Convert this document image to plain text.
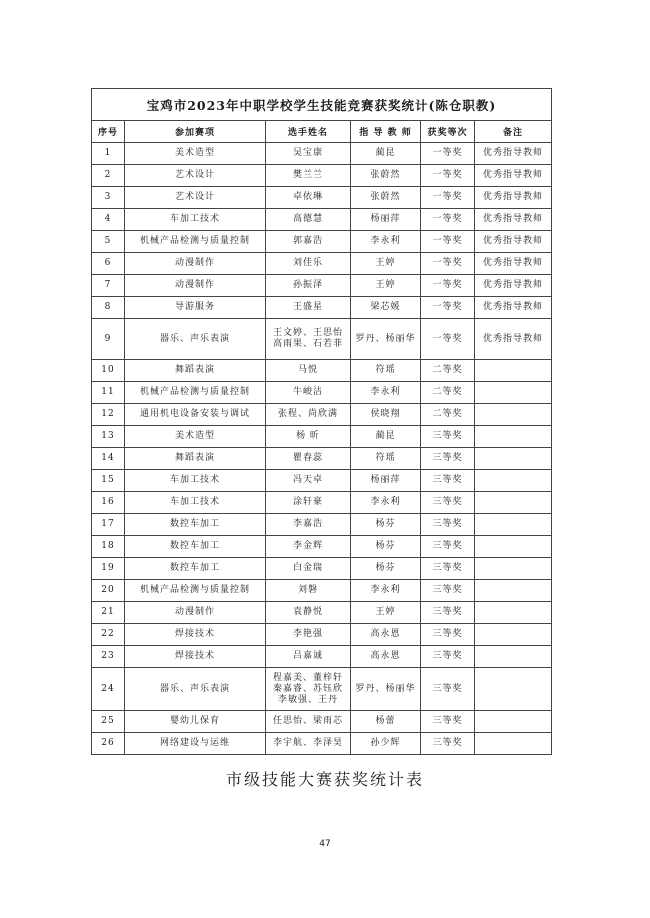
宝鸡市2023年中职学校学生技能竞赛获奖统计(陈仓职教)					
序号	参加赛项	选手姓名	指 导 教 师	获奖等次	备注
1	美术造型	吴宝康	蔺昆	一等奖	优秀指导教师
2	艺术设计	樊兰兰	张蔚然	一等奖	优秀指导教师
3	艺术设计	卓依琳	张蔚然	一等奖	优秀指导教师
4	车加工技术	高德慧	杨丽萍	一等奖	优秀指导教师
5	机械产品检测与质量控制	郭嘉浩	李永利	一等奖	优秀指导教师
6	动漫制作	刘佳乐	王婷	一等奖	优秀指导教师
7	动漫制作	孙振泽	王婷	一等奖	优秀指导教师
8	导游服务	王盛星	梁芯媛	一等奖	优秀指导教师
9	器乐、声乐表演	王文婷、王思怡 高雨果、石若菲	罗丹、杨丽华	一等奖	优秀指导教师
10	舞蹈表演	马悦	符瑶	二等奖	
11	机械产品检测与质量控制	牛峻洁	李永利	二等奖	
12	通用机电设备安装与调试	张程、尚欣满	侯晓翔	二等奖	
13	美术造型	杨 昕	蔺昆	三等奖	
14	舞蹈表演	瞿春蕊	符瑶	三等奖	
15	车加工技术	冯天卓	杨丽萍	三等奖	
16	车加工技术	涂轩豪	李永利	三等奖	
17	数控车加工	李嘉浩	杨芬	三等奖	
18	数控车加工	李金辉	杨芬	三等奖	
19	数控车加工	白金瑞	杨芬	三等奖	
20	机械产品检测与质量控制	刘磐	李永利	三等奖	
21	动漫制作	袁静悦	王婷	三等奖	
22	焊接技术	李艳强	高永恩	三等奖	
23	焊接技术	吕嘉诚	高永恩	三等奖	
24	器乐、声乐表演	程嘉美、董梓轩 秦嘉睿、苏钰欣 李敏强、王丹	罗丹、杨丽华	三等奖	
25	婴幼儿保育	任思怡、梁雨芯	杨蕾	三等奖	
26	网络建设与运维	李宇航、李泽昊	孙少辉	三等奖	
市级技能大赛获奖统计表
47
